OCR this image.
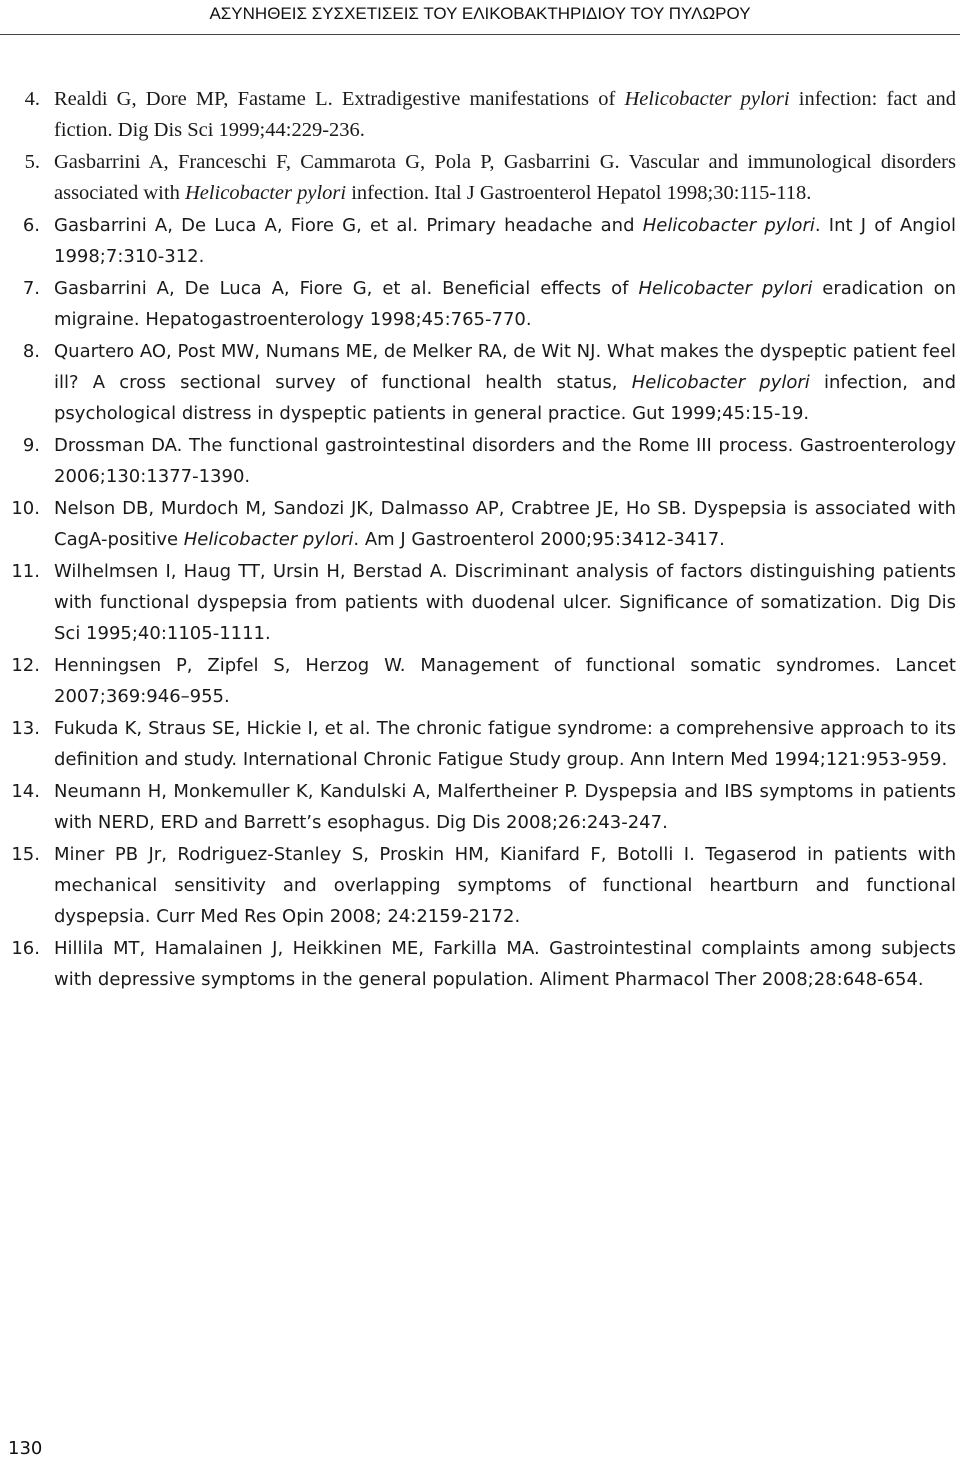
ΑΣΥΝΗΘΕΙΣ ΣΥΣΧΕΤΙΣΕΙΣ ΤΟΥ ΕΛΙΚΟΒΑΚΤΗΡΙΔΙΟΥ ΤΟΥ ΠΥΛΩΡΟΥ
4. Realdi G, Dore MP, Fastame L. Extradigestive manifestations of Helicobacter pylori infection: fact and fiction. Dig Dis Sci 1999;44:229-236.
5. Gasbarrini A, Franceschi F, Cammarota G, Pola P, Gasbarrini G. Vascular and immunological disorders associated with Helicobacter pylori infection. Ital J Gastroenterol Hepatol 1998;30:115-118.
6. Gasbarrini A, De Luca A, Fiore G, et al. Primary headache and Helicobacter pylori. Int J of Angiol 1998;7:310-312.
7. Gasbarrini A, De Luca A, Fiore G, et al. Beneficial effects of Helicobacter pylori eradication on migraine. Hepatogastroenterology 1998;45:765-770.
8. Quartero AO, Post MW, Numans ME, de Melker RA, de Wit NJ. What makes the dyspeptic patient feel ill? A cross sectional survey of functional health status, Helicobacter pylori infection, and psychological distress in dyspeptic patients in general practice. Gut 1999;45:15-19.
9. Drossman DA. The functional gastrointestinal disorders and the Rome III process. Gastroenterology 2006;130:1377-1390.
10. Nelson DB, Murdoch M, Sandozi JK, Dalmasso AP, Crabtree JE, Ho SB. Dyspepsia is associated with CagA-positive Helicobacter pylori. Am J Gastroenterol 2000;95:3412-3417.
11. Wilhelmsen I, Haug TT, Ursin H, Berstad A. Discriminant analysis of factors distinguishing patients with functional dyspepsia from patients with duodenal ulcer. Significance of somatization. Dig Dis Sci 1995;40:1105-1111.
12. Henningsen P, Zipfel S, Herzog W. Management of functional somatic syndromes. Lancet 2007;369:946–955.
13. Fukuda K, Straus SE, Hickie I, et al. The chronic fatigue syndrome: a comprehensive approach to its definition and study. International Chronic Fatigue Study group. Ann Intern Med 1994;121:953-959.
14. Neumann H, Monkemuller K, Kandulski A, Malfertheiner P. Dyspepsia and IBS symptoms in patients with NERD, ERD and Barrett’s esophagus. Dig Dis 2008;26:243-247.
15. Miner PB Jr, Rodriguez-Stanley S, Proskin HM, Kianifard F, Botolli I. Tegaserod in patients with mechanical sensitivity and overlapping symptoms of functional heartburn and functional dyspepsia. Curr Med Res Opin 2008; 24:2159-2172.
16. Hillila MT, Hamalainen J, Heikkinen ME, Farkilla MA. Gastrointestinal complaints among subjects with depressive symptoms in the general population. Aliment Pharmacol Ther 2008;28:648-654.
130
